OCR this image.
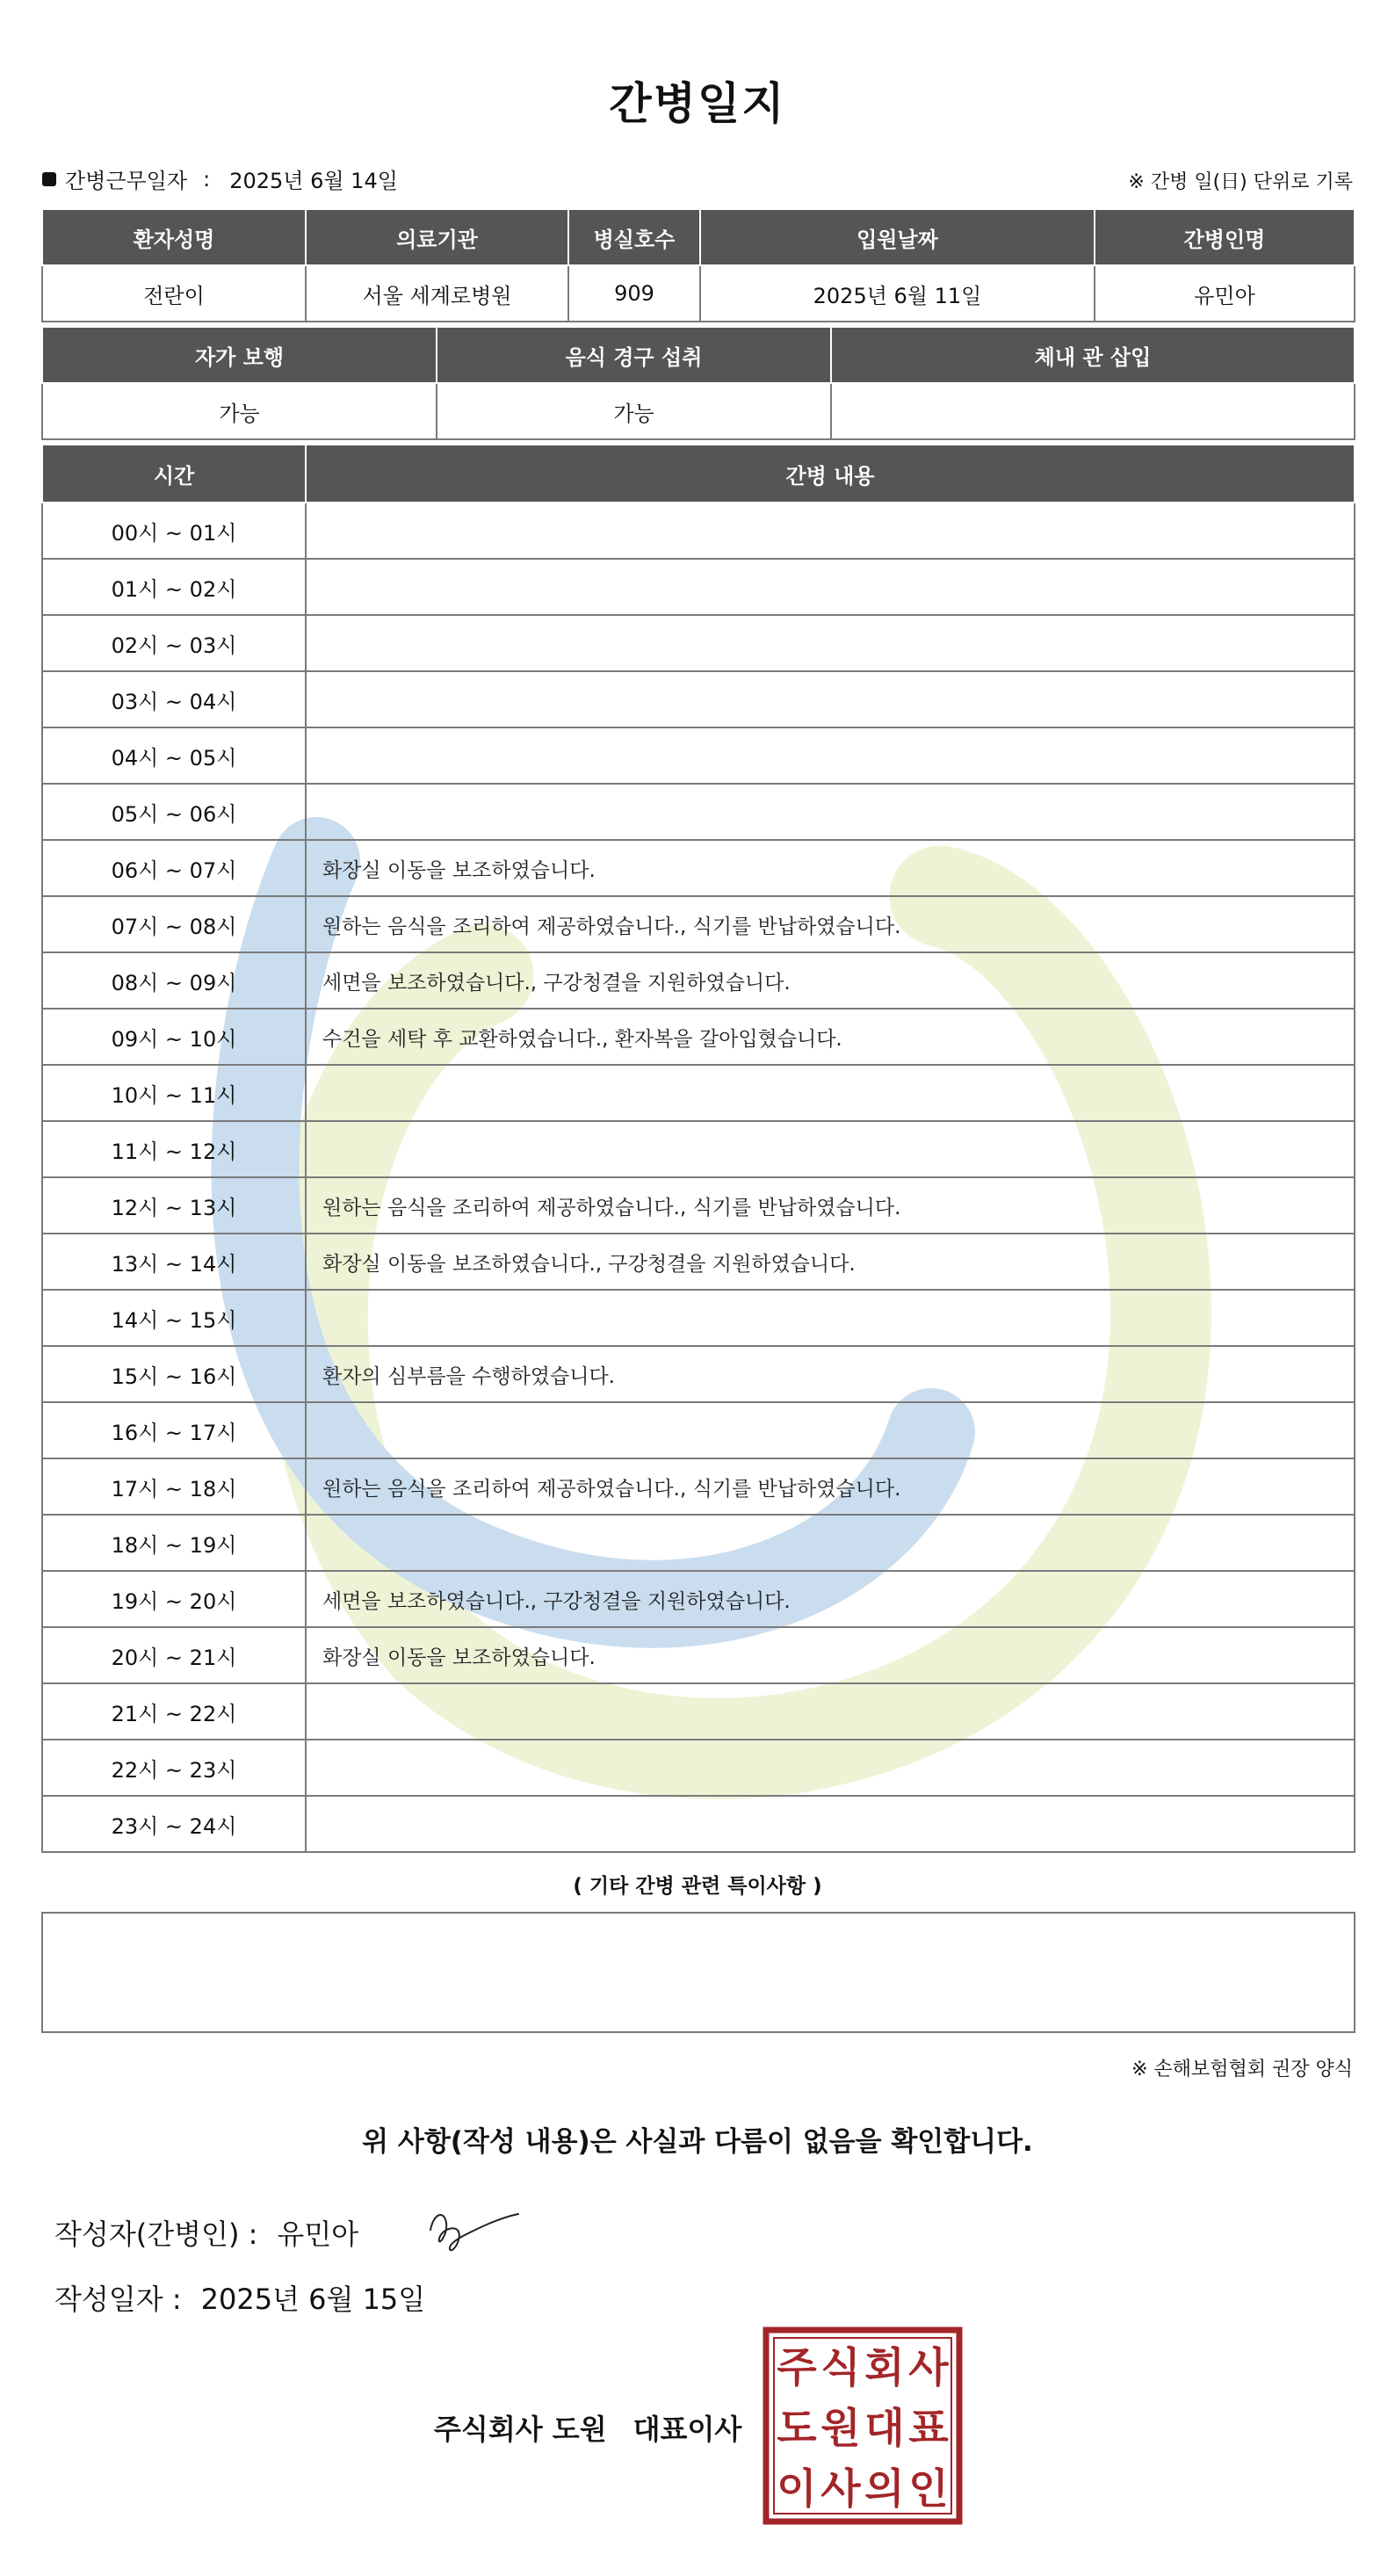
간병일지
간병근무일자 : 2025년 6월 14일	※ 간병 일(日) 단위로 기록
환자성명	의료기관	병실호수	입원날짜	간병인명
전란이	서울 세계로병원	909	2025년 6월 11일	유민아
자가 보행	음식 경구 섭취	체내 관 삽입
가능	가능	
시간	간병 내용
00시 ~ 01시	
01시 ~ 02시	
02시 ~ 03시	
03시 ~ 04시	
04시 ~ 05시	
05시 ~ 06시	
06시 ~ 07시	화장실 이동을 보조하였습니다.
07시 ~ 08시	원하는 음식을 조리하여 제공하였습니다., 식기를 반납하였습니다.
08시 ~ 09시	세면을 보조하였습니다., 구강청결을 지원하였습니다.
09시 ~ 10시	수건을 세탁 후 교환하였습니다., 환자복을 갈아입혔습니다.
10시 ~ 11시	
11시 ~ 12시	
12시 ~ 13시	원하는 음식을 조리하여 제공하였습니다., 식기를 반납하였습니다.
13시 ~ 14시	화장실 이동을 보조하였습니다., 구강청결을 지원하였습니다.
14시 ~ 15시	
15시 ~ 16시	환자의 심부름을 수행하였습니다.
16시 ~ 17시	
17시 ~ 18시	원하는 음식을 조리하여 제공하였습니다., 식기를 반납하였습니다.
18시 ~ 19시	
19시 ~ 20시	세면을 보조하였습니다., 구강청결을 지원하였습니다.
20시 ~ 21시	화장실 이동을 보조하였습니다.
21시 ~ 22시	
22시 ~ 23시	
23시 ~ 24시	
( 기타 간병 관련 특이사항 )
※ 손해보험협회 권장 양식
위 사항(작성 내용)은 사실과 다름이 없음을 확인합니다.
작성자(간병인) : 유민아
작성일자 : 2025년 6월 15일
주식회사 도원 대표이사
주 식 회 사
도 원 대 표
이 사 의 인
